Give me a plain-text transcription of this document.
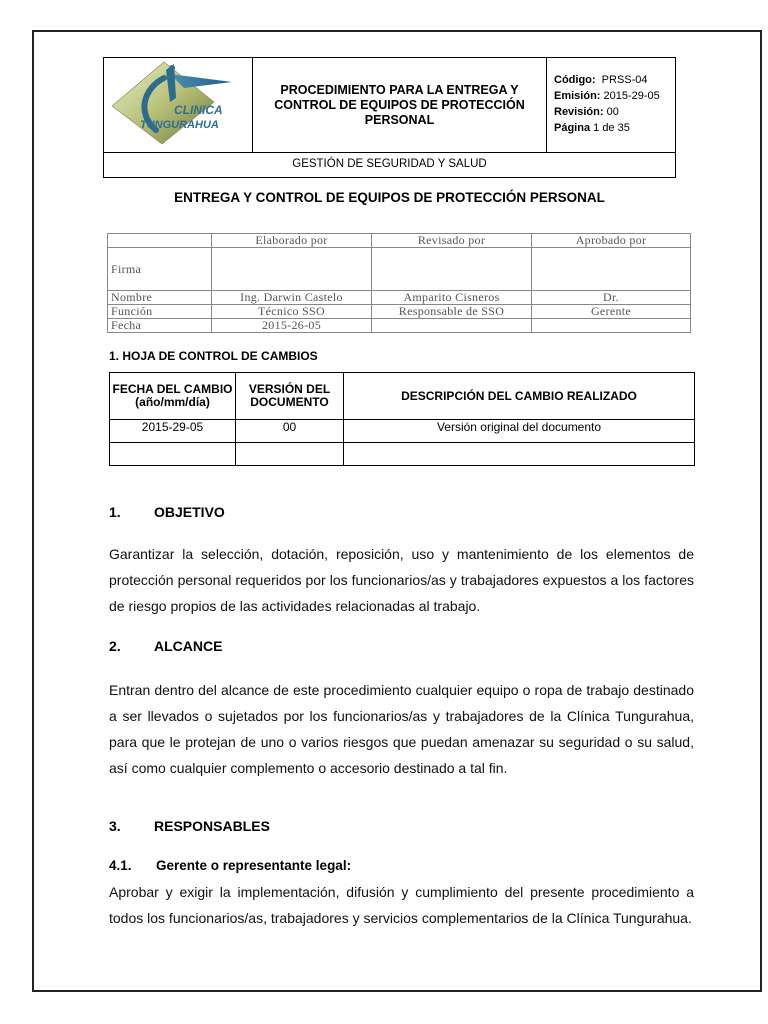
CLINICA
TUNGURAHUA
PROCEDIMIENTO PARA LA ENTREGA Y CONTROL DE EQUIPOS DE PROTECCIÓN PERSONAL
Código: PRSS-04
Emisión: 2015-29-05
Revisión: 00
Página 1 de 35
GESTIÓN DE SEGURIDAD Y SALUD
ENTREGA Y CONTROL DE EQUIPOS DE PROTECCIÓN PERSONAL
	Elaborado por	Revisado por	Aprobado por
Firma			
Nombre	Ing. Darwin Castelo	Amparito Cisneros	Dr.
Función	Técnico SSO	Responsable de SSO	Gerente
Fecha	2015-26-05		
1. HOJA DE CONTROL DE CAMBIOS
FECHA DEL CAMBIO (año/mm/día)	VERSIÓN DEL DOCUMENTO	DESCRIPCIÓN DEL CAMBIO REALIZADO
2015-29-05	00	Versión original del documento

1. OBJETIVO
Garantizar la selección, dotación, reposición, uso y mantenimiento de los elementos de protección personal requeridos por los funcionarios/as y trabajadores expuestos a los factores de riesgo propios de las actividades relacionadas al trabajo.
2. ALCANCE
Entran dentro del alcance de este procedimiento cualquier equipo o ropa de trabajo destinado a ser llevados o sujetados por los funcionarios/as y trabajadores de la Clínica Tungurahua, para que le protejan de uno o varios riesgos que puedan amenazar su seguridad o su salud, así como cualquier complemento o accesorio destinado a tal fin.
3. RESPONSABLES
4.1. Gerente o representante legal:
Aprobar y exigir la implementación, difusión y cumplimiento del presente procedimiento a todos los funcionarios/as, trabajadores y servicios complementarios de la Clínica Tungurahua.
